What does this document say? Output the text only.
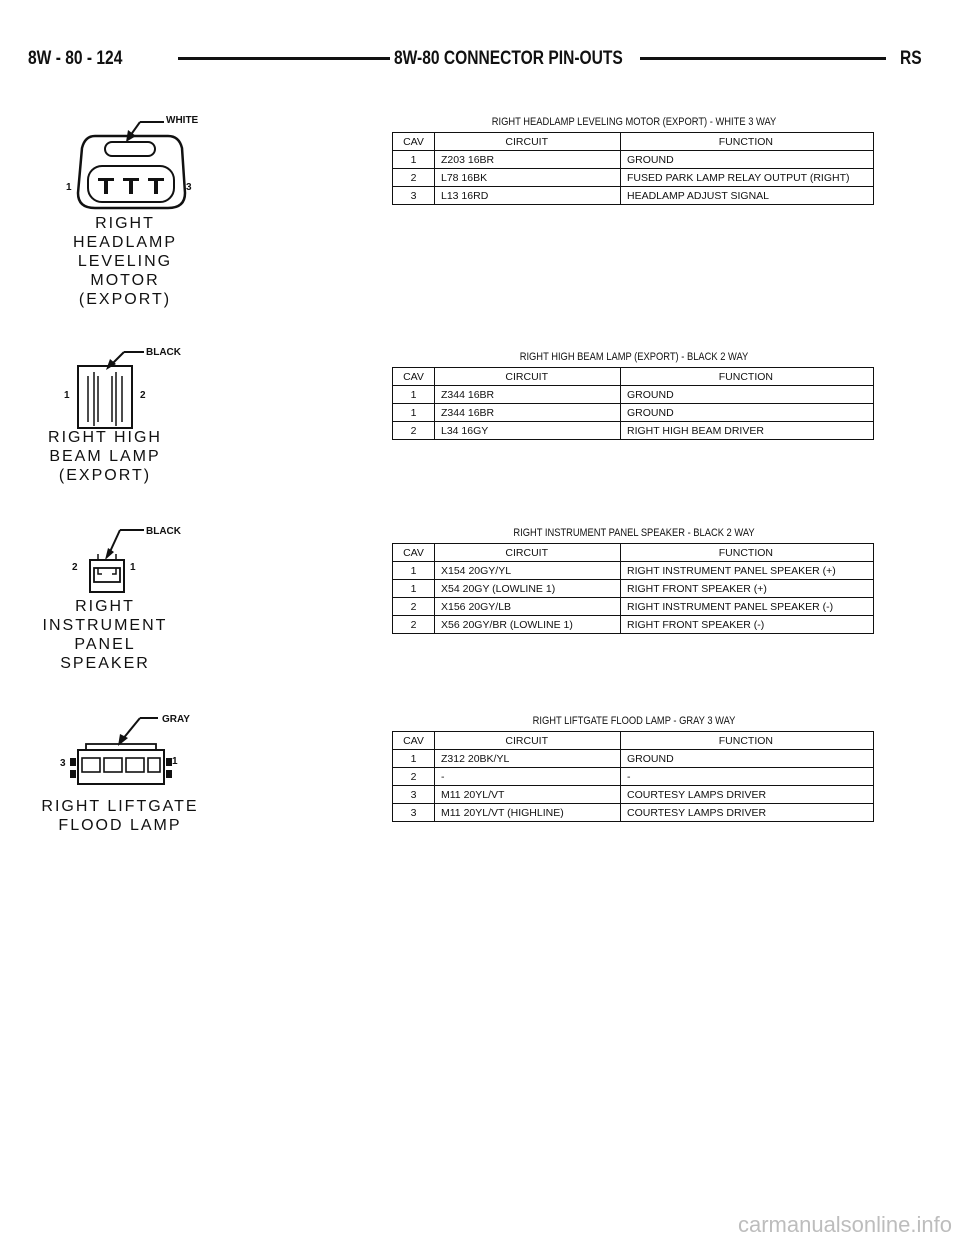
8W - 80 - 124	8W-80 CONNECTOR PIN-OUTS	RS
WHITE
1	3
RIGHT
HEADLAMP
LEVELING
MOTOR
(EXPORT)
RIGHT HEADLAMP LEVELING MOTOR (EXPORT) - WHITE 3 WAY
CAV	CIRCUIT	FUNCTION
1	Z203 16BR	GROUND
2	L78 16BK	FUSED PARK LAMP RELAY OUTPUT (RIGHT)
3	L13 16RD	HEADLAMP ADJUST SIGNAL
BLACK
1	2
RIGHT HIGH
BEAM LAMP
(EXPORT)
RIGHT HIGH BEAM LAMP (EXPORT) - BLACK 2 WAY
CAV	CIRCUIT	FUNCTION
1	Z344 16BR	GROUND
1	Z344 16BR	GROUND
2	L34 16GY	RIGHT HIGH BEAM DRIVER
BLACK
2	1
RIGHT
INSTRUMENT
PANEL
SPEAKER
RIGHT INSTRUMENT PANEL SPEAKER - BLACK 2 WAY
CAV	CIRCUIT	FUNCTION
1	X154 20GY/YL	RIGHT INSTRUMENT PANEL SPEAKER (+)
1	X54 20GY (LOWLINE 1)	RIGHT FRONT SPEAKER (+)
2	X156 20GY/LB	RIGHT INSTRUMENT PANEL SPEAKER (-)
2	X56 20GY/BR (LOWLINE 1)	RIGHT FRONT SPEAKER (-)
GRAY
3	1
RIGHT LIFTGATE
FLOOD LAMP
RIGHT LIFTGATE FLOOD LAMP - GRAY 3 WAY
CAV	CIRCUIT	FUNCTION
1	Z312 20BK/YL	GROUND
2	-	-
3	M11 20YL/VT	COURTESY LAMPS DRIVER
3	M11 20YL/VT (HIGHLINE)	COURTESY LAMPS DRIVER
carmanualsonline.info
